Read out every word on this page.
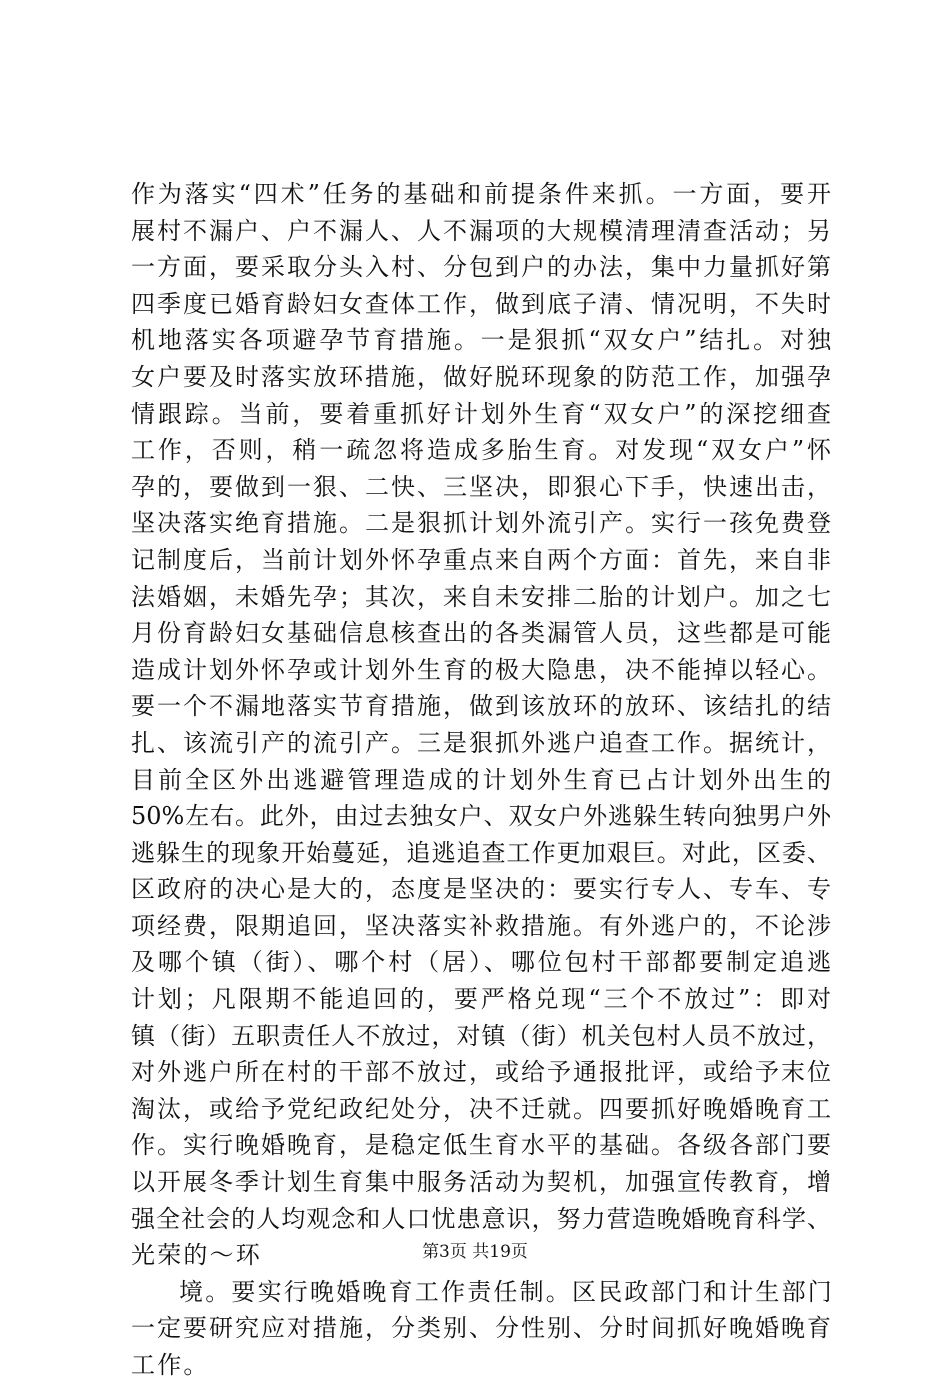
作为落实“四术”任务的基础和前提条件来抓。一方面，要开
展村不漏户、户不漏人、人不漏项的大规模清理清查活动；另
一方面，要采取分头入村、分包到户的办法，集中力量抓好第
四季度已婚育龄妇女查体工作，做到底子清、情况明，不失时
机地落实各项避孕节育措施。一是狠抓“双女户”结扎。对独
女户要及时落实放环措施，做好脱环现象的防范工作，加强孕
情跟踪。当前，要着重抓好计划外生育“双女户”的深挖细查
工作，否则，稍一疏忽将造成多胎生育。对发现“双女户”怀
孕的，要做到一狠、二快、三坚决，即狠心下手，快速出击，
坚决落实绝育措施。二是狠抓计划外流引产。实行一孩免费登
记制度后，当前计划外怀孕重点来自两个方面：首先，来自非
法婚姻，未婚先孕；其次，来自未安排二胎的计划户。加之七
月份育龄妇女基础信息核查出的各类漏管人员，这些都是可能
造成计划外怀孕或计划外生育的极大隐患，决不能掉以轻心。
要一个不漏地落实节育措施，做到该放环的放环、该结扎的结
扎、该流引产的流引产。三是狠抓外逃户追查工作。据统计，
目前全区外出逃避管理造成的计划外生育已占计划外出生的
50%左右。此外，由过去独女户、双女户外逃躲生转向独男户外
逃躲生的现象开始蔓延，追逃追查工作更加艰巨。对此，区委、
区政府的决心是大的，态度是坚决的：要实行专人、专车、专
项经费，限期追回，坚决落实补救措施。有外逃户的，不论涉
及哪个镇（街）、哪个村（居）、哪位包村干部都要制定追逃
计划；凡限期不能追回的，要严格兑现“三个不放过”：即对
镇（街）五职责任人不放过，对镇（街）机关包村人员不放过，
对外逃户所在村的干部不放过，或给予通报批评，或给予末位
淘汰，或给予党纪政纪处分，决不迁就。四要抓好晚婚晚育工
作。实行晚婚晚育，是稳定低生育水平的基础。各级各部门要
以开展冬季计划生育集中服务活动为契机，加强宣传教育，增
强全社会的人均观念和人口忧患意识，努力营造晚婚晚育科学、
光荣的～环
境。要实行晚婚晚育工作责任制。区民政部门和计生部门
一定要研究应对措施，分类别、分性别、分时间抓好晚婚晚育
工作。
第3页 共19页
